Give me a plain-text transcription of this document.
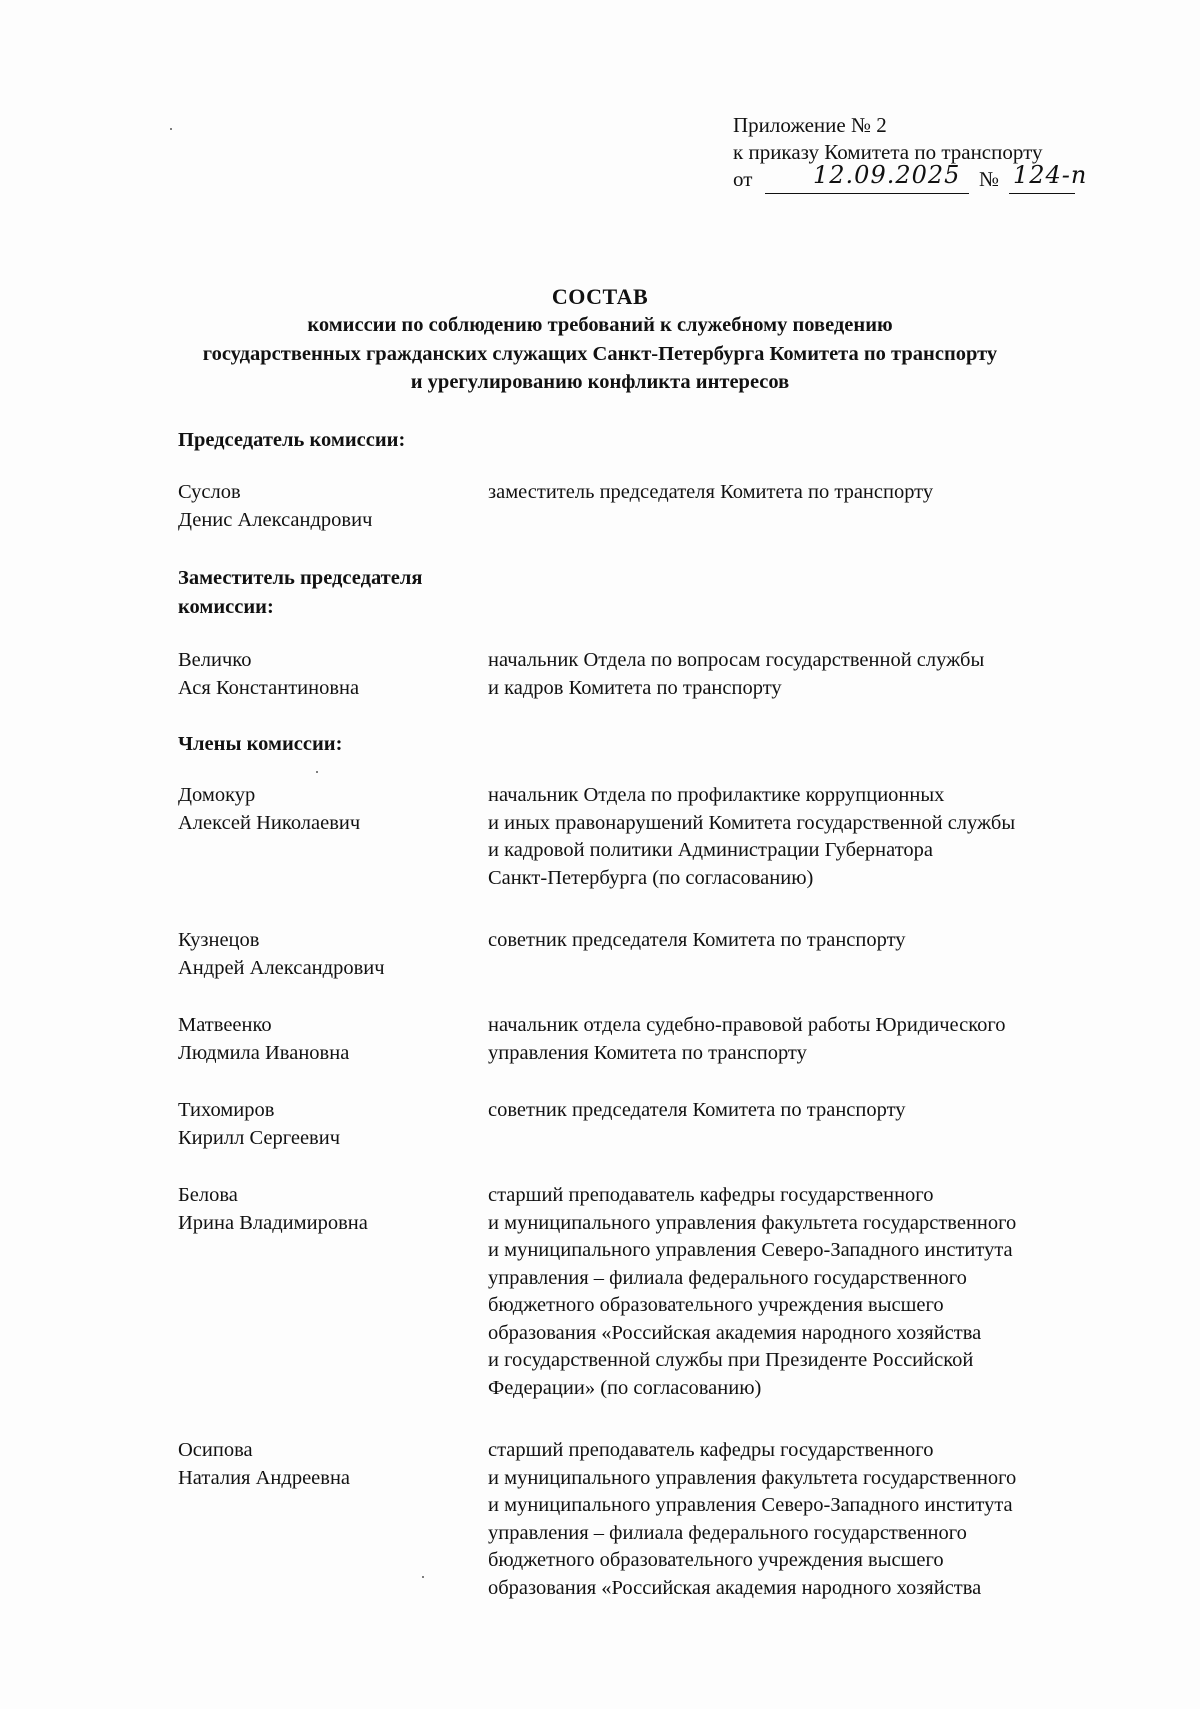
Приложение № 2
к приказу Комитета по транспорту
от	12.09.2025 № 124-п
СОСТАВ
комиссии по соблюдению требований к служебному поведению
государственных гражданских служащих Санкт-Петербурга Комитета по транспорту
и урегулированию конфликта интересов
Председатель комиссии:
Суслов
Денис Александрович
заместитель председателя Комитета по транспорту
Заместитель председателя
комиссии:
Величко
Ася Константиновна
начальник Отдела по вопросам государственной службы
и кадров Комитета по транспорту
Члены комиссии:
Домокур
Алексей Николаевич
начальник Отдела по профилактике коррупционных
и иных правонарушений Комитета государственной службы
и кадровой политики Администрации Губернатора
Санкт-Петербурга (по согласованию)
Кузнецов
Андрей Александрович
советник председателя Комитета по транспорту
Матвеенко
Людмила Ивановна
начальник отдела судебно-правовой работы Юридического
управления Комитета по транспорту
Тихомиров
Кирилл Сергеевич
советник председателя Комитета по транспорту
Белова
Ирина Владимировна
старший преподаватель кафедры государственного
и муниципального управления факультета государственного
и муниципального управления Северо-Западного института
управления – филиала федерального государственного
бюджетного образовательного учреждения высшего
образования «Российская академия народного хозяйства
и государственной службы при Президенте Российской
Федерации» (по согласованию)
Осипова
Наталия Андреевна
старший преподаватель кафедры государственного
и муниципального управления факультета государственного
и муниципального управления Северо-Западного института
управления – филиала федерального государственного
бюджетного образовательного учреждения высшего
образования «Российская академия народного хозяйства
